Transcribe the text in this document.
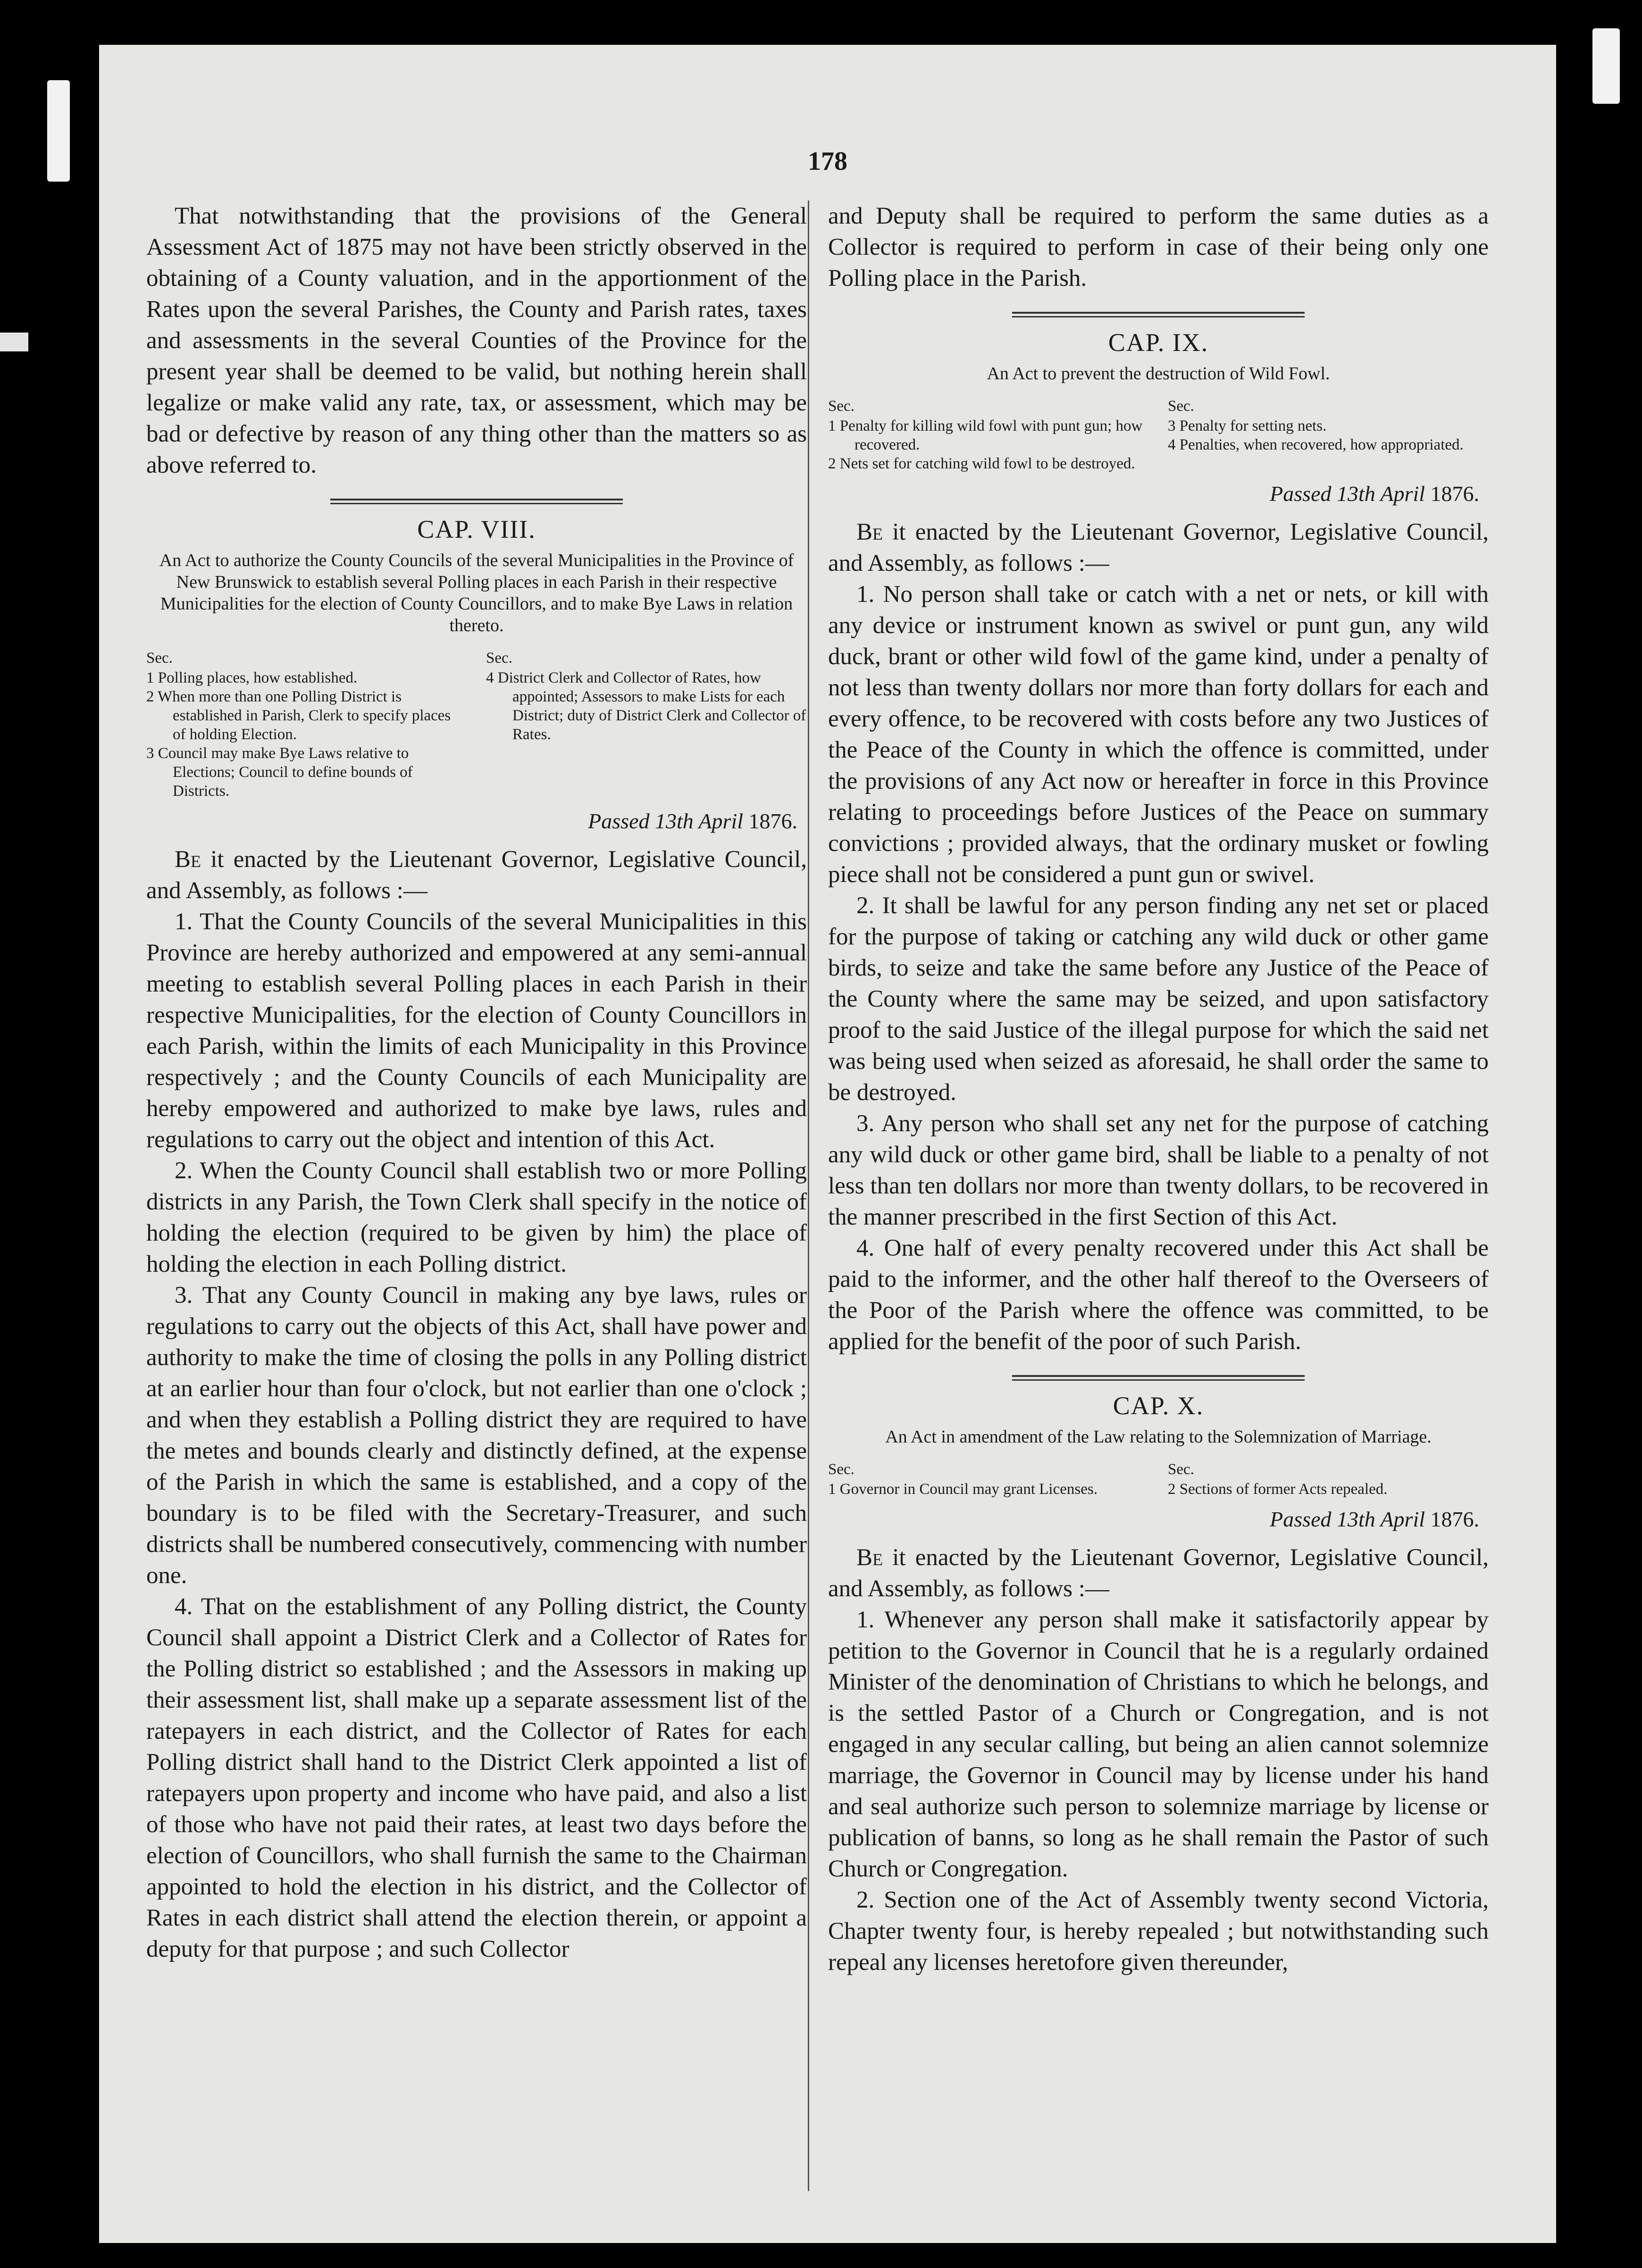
178

That notwithstanding that the provisions of the General Assessment Act of 1875 may not have been strictly observed in the obtaining of a County valuation, and in the apportionment of the Rates upon the several Parishes, the County and Parish rates, taxes and assessments in the several Counties of the Province for the present year shall be deemed to be valid, but nothing herein shall legalize or make valid any rate, tax, or assessment, which may be bad or defective by reason of any thing other than the matters so as above referred to.

CAP. VIII.
An Act to authorize the County Councils of the several Municipalities in the Province of New Brunswick to establish several Polling places in each Parish in their respective Municipalities for the election of County Councillors, and to make Bye Laws in relation thereto.
Sec.
1 Polling places, how established.
2 When more than one Polling District is established in Parish, Clerk to specify places of holding Election.
3 Council may make Bye Laws relative to Elections; Council to define bounds of Districts.
Sec.
4 District Clerk and Collector of Rates, how appointed; Assessors to make Lists for each District; duty of District Clerk and Collector of Rates.
Passed 13th April 1876.

Be it enacted by the Lieutenant Governor, Legislative Council, and Assembly, as follows :—

1. That the County Councils of the several Municipalities in this Province are hereby authorized and empowered at any semi-annual meeting to establish several Polling places in each Parish in their respective Municipalities, for the election of County Councillors in each Parish, within the limits of each Municipality in this Province respectively ; and the County Councils of each Municipality are hereby empowered and authorized to make bye laws, rules and regulations to carry out the object and intention of this Act.

2. When the County Council shall establish two or more Polling districts in any Parish, the Town Clerk shall specify in the notice of holding the election (required to be given by him) the place of holding the election in each Polling district.

3. That any County Council in making any bye laws, rules or regulations to carry out the objects of this Act, shall have power and authority to make the time of closing the polls in any Polling district at an earlier hour than four o'clock, but not earlier than one o'clock ; and when they establish a Polling district they are required to have the metes and bounds clearly and distinctly defined, at the expense of the Parish in which the same is established, and a copy of the boundary is to be filed with the Secretary-Treasurer, and such districts shall be numbered consecutively, commencing with number one.

4. That on the establishment of any Polling district, the County Council shall appoint a District Clerk and a Collector of Rates for the Polling district so established ; and the Assessors in making up their assessment list, shall make up a separate assessment list of the ratepayers in each district, and the Collector of Rates for each Polling district shall hand to the District Clerk appointed a list of ratepayers upon property and income who have paid, and also a list of those who have not paid their rates, at least two days before the election of Councillors, who shall furnish the same to the Chairman appointed to hold the election in his district, and the Collector of Rates in each district shall attend the election therein, or appoint a deputy for that purpose ; and such Collector

and Deputy shall be required to perform the same duties as a Collector is required to perform in case of their being only one Polling place in the Parish.

CAP. IX.
An Act to prevent the destruction of Wild Fowl.
Sec.
1 Penalty for killing wild fowl with punt gun; how recovered.
2 Nets set for catching wild fowl to be destroyed.
Sec.
3 Penalty for setting nets.
4 Penalties, when recovered, how appropriated.
Passed 13th April 1876.

Be it enacted by the Lieutenant Governor, Legislative Council, and Assembly, as follows :—

1. No person shall take or catch with a net or nets, or kill with any device or instrument known as swivel or punt gun, any wild duck, brant or other wild fowl of the game kind, under a penalty of not less than twenty dollars nor more than forty dollars for each and every offence, to be recovered with costs before any two Justices of the Peace of the County in which the offence is committed, under the provisions of any Act now or hereafter in force in this Province relating to proceedings before Justices of the Peace on summary convictions ; provided always, that the ordinary musket or fowling piece shall not be considered a punt gun or swivel.

2. It shall be lawful for any person finding any net set or placed for the purpose of taking or catching any wild duck or other game birds, to seize and take the same before any Justice of the Peace of the County where the same may be seized, and upon satisfactory proof to the said Justice of the illegal purpose for which the said net was being used when seized as aforesaid, he shall order the same to be destroyed.

3. Any person who shall set any net for the purpose of catching any wild duck or other game bird, shall be liable to a penalty of not less than ten dollars nor more than twenty dollars, to be recovered in the manner prescribed in the first Section of this Act.

4. One half of every penalty recovered under this Act shall be paid to the informer, and the other half thereof to the Overseers of the Poor of the Parish where the offence was committed, to be applied for the benefit of the poor of such Parish.

CAP. X.
An Act in amendment of the Law relating to the Solemnization of Marriage.
Sec.
1 Governor in Council may grant Licenses.
Sec.
2 Sections of former Acts repealed.
Passed 13th April 1876.

Be it enacted by the Lieutenant Governor, Legislative Council, and Assembly, as follows :—

1. Whenever any person shall make it satisfactorily appear by petition to the Governor in Council that he is a regularly ordained Minister of the denomination of Christians to which he belongs, and is the settled Pastor of a Church or Congregation, and is not engaged in any secular calling, but being an alien cannot solemnize marriage, the Governor in Council may by license under his hand and seal authorize such person to solemnize marriage by license or publication of banns, so long as he shall remain the Pastor of such Church or Congregation.

2. Section one of the Act of Assembly twenty second Victoria, Chapter twenty four, is hereby repealed ; but notwithstanding such repeal any licenses heretofore given thereunder,
